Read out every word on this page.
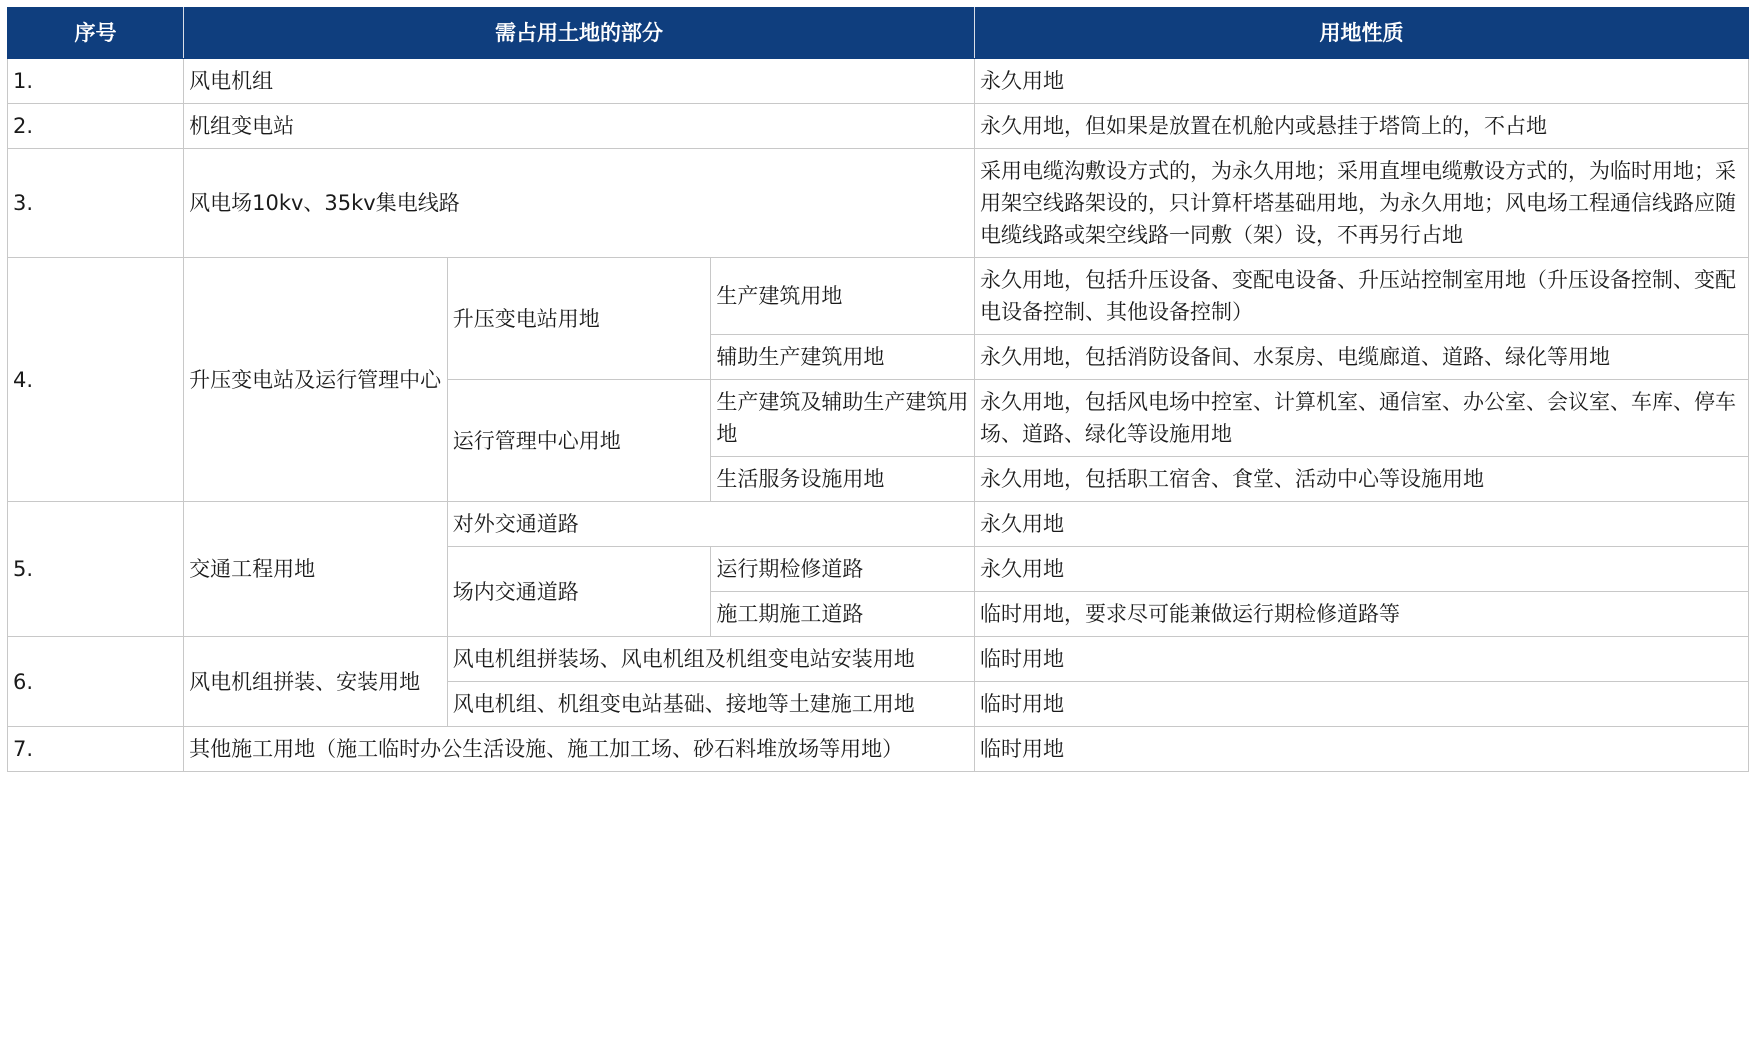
序号	需占用土地的部分			用地性质
1.	风电机组			永久用地
2.	机组变电站			永久用地，但如果是放置在机舱内或悬挂于塔筒上的，不占地
3.	风电场10kv、35kv集电线路			采用电缆沟敷设方式的，为永久用地；采用直埋电缆敷设方式的，为临时用地；采用架空线路架设的，只计算杆塔基础用地，为永久用地；风电场工程通信线路应随电缆线路或架空线路一同敷（架）设，不再另行占地
4.	升压变电站及运行管理中心	升压变电站用地	生产建筑用地	永久用地，包括升压设备、变配电设备、升压站控制室用地（升压设备控制、变配电设备控制、其他设备控制）
			辅助生产建筑用地	永久用地，包括消防设备间、水泵房、电缆廊道、道路、绿化等用地
		运行管理中心用地	生产建筑及辅助生产建筑用地	永久用地，包括风电场中控室、计算机室、通信室、办公室、会议室、车库、停车场、道路、绿化等设施用地
			生活服务设施用地	永久用地，包括职工宿舍、食堂、活动中心等设施用地
5.	交通工程用地	对外交通道路		永久用地
		场内交通道路	运行期检修道路	永久用地
			施工期施工道路	临时用地，要求尽可能兼做运行期检修道路等
6.	风电机组拼装、安装用地	风电机组拼装场、风电机组及机组变电站安装用地		临时用地
		风电机组、机组变电站基础、接地等土建施工用地		临时用地
7.	其他施工用地（施工临时办公生活设施、施工加工场、砂石料堆放场等用地）			临时用地
